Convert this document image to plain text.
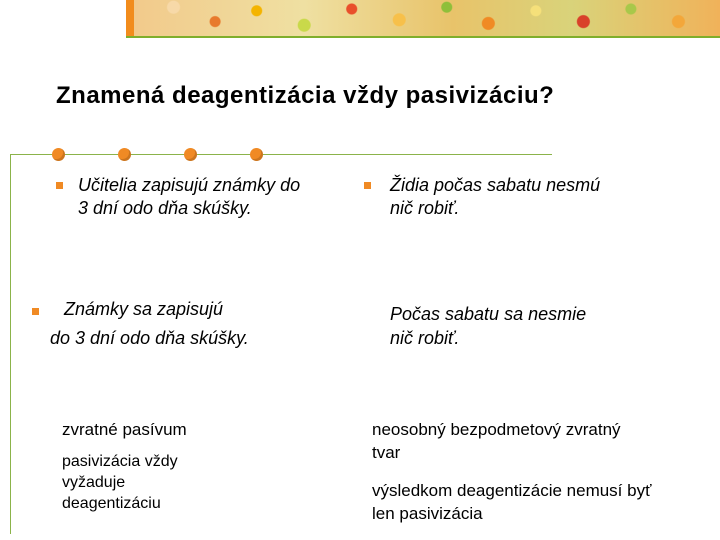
Znamená deagentizácia vždy pasivizáciu?
Učitelia zapisujú známky do
3 dní odo dňa skúšky.
Známky sa zapisujú
do 3 dní odo dňa skúšky.
Židia počas sabatu nesmú
nič robiť.
Počas sabatu sa nesmie
nič robiť.
zvratné pasívum
pasivizácia vždy
vyžaduje
deagentizáciu
neosobný bezpodmetový zvratný
tvar
výsledkom deagentizácie nemusí byť
len pasivizácia
